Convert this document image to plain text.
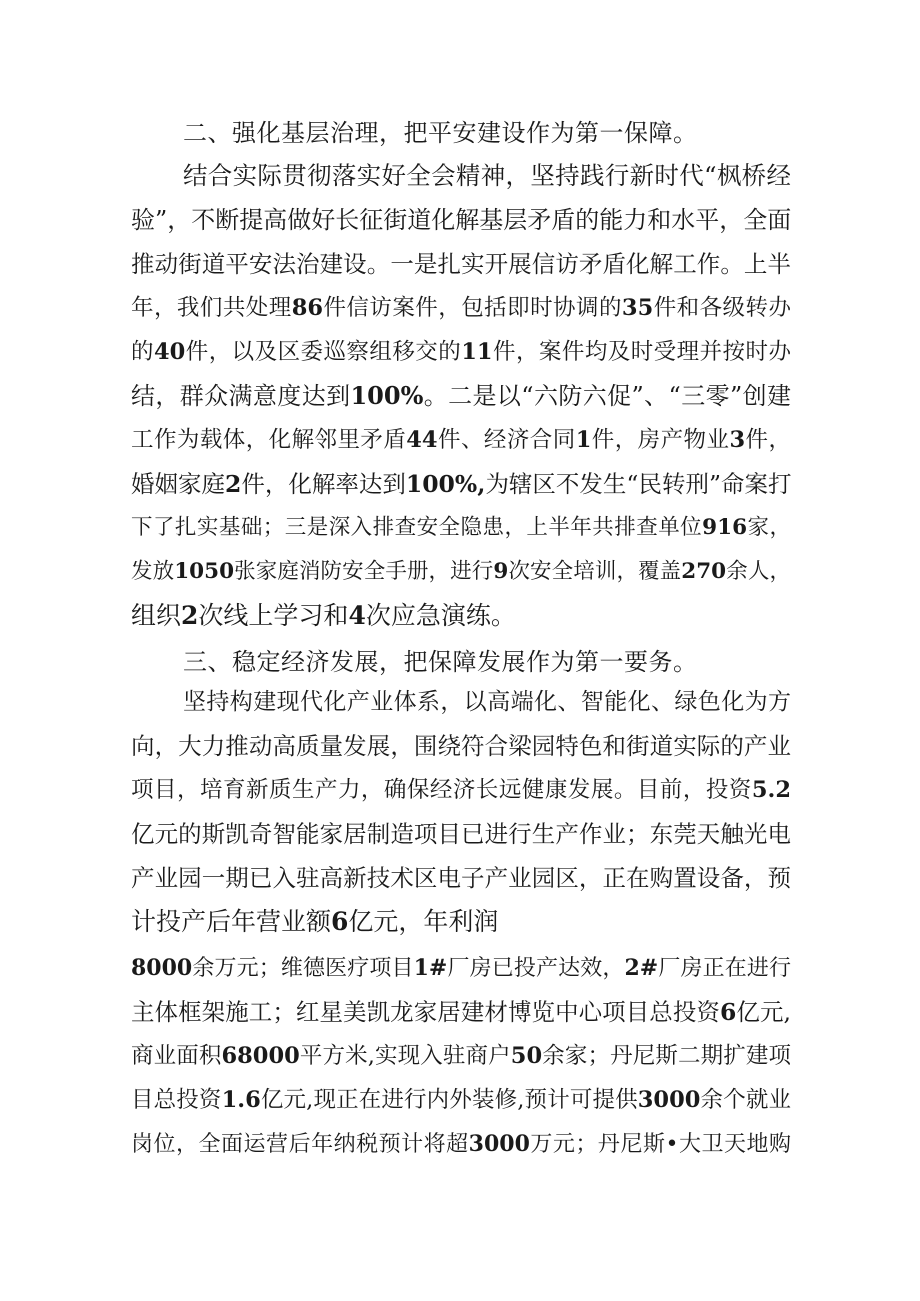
二、强化基层治理，把平安建设作为第一保障。
结合实际贯彻落实好全会精神，坚持践行新时代“枫桥经
验”，不断提高做好长征街道化解基层矛盾的能力和水平，全面
推动街道平安法治建设。一是扎实开展信访矛盾化解工作。上半
年，我们共处理86件信访案件，包括即时协调的35件和各级转办
的40件，以及区委巡察组移交的11件，案件均及时受理并按时办
结，群众满意度达到100%。二是以“六防六促”、“三零”创建
工作为载体，化解邻里矛盾44件、经济合同1件，房产物业3件，
婚姻家庭2件，化解率达到100%,为辖区不发生“民转刑”命案打
下了扎实基础；三是深入排查安全隐患，上半年共排查单位916家，
发放1050张家庭消防安全手册，进行9次安全培训，覆盖270余人，
组织2次线上学习和4次应急演练。
三、稳定经济发展，把保障发展作为第一要务。
坚持构建现代化产业体系，以高端化、智能化、绿色化为方
向，大力推动高质量发展，围绕符合梁园特色和街道实际的产业
项目，培育新质生产力，确保经济长远健康发展。目前，投资5.2
亿元的斯凯奇智能家居制造项目已进行生产作业；东莞天触光电
产业园一期已入驻高新技术区电子产业园区，正在购置设备，预
计投产后年营业额6亿元，年利润
8000余万元；维德医疗项目1#厂房已投产达效，2#厂房正在进行
主体框架施工；红星美凯龙家居建材博览中心项目总投资6亿元,
商业面积68000平方米,实现入驻商户50余家；丹尼斯二期扩建项
目总投资1.6亿元,现正在进行内外装修,预计可提供3000余个就业
岗位，全面运营后年纳税预计将超3000万元；丹尼斯•大卫天地购
